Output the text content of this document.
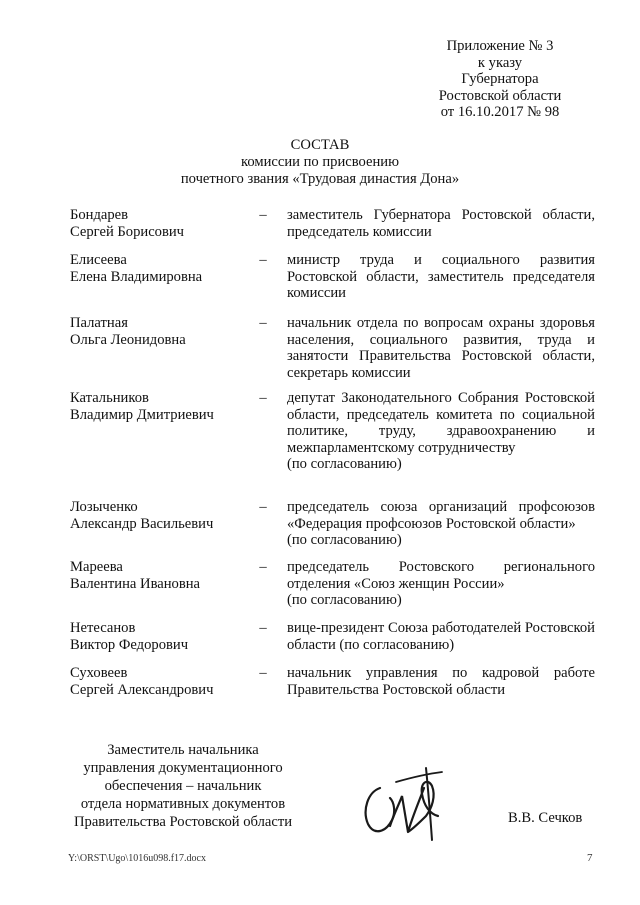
Приложение № 3
к указу
Губернатора
Ростовской области
от 16.10.2017 № 98
СОСТАВ
комиссии по присвоению
почетного звания «Трудовая династия Дона»
Бондарев
Сергей Борисович
– заместитель Губернатора Ростовской области, председатель комиссии
Елисеева
Елена Владимировна
– министр труда и социального развития Ростовской области, заместитель председателя комиссии
Палатная
Ольга Леонидовна
– начальник отдела по вопросам охраны здоровья населения, социального развития, труда и занятости Правительства Ростовской области, секретарь комиссии
Катальников
Владимир Дмитриевич
– депутат Законодательного Собрания Ростовской области, председатель комитета по социальной политике, труду, здравоохранению и межпарламентскому сотрудничеству
(по согласованию)
Лозыченко
Александр Васильевич
– председатель союза организаций профсоюзов «Федерация профсоюзов Ростовской области»
(по согласованию)
Мареева
Валентина Ивановна
– председатель Ростовского регионального отделения «Союз женщин России»
(по согласованию)
Нетесанов
Виктор Федорович
– вице-президент Союза работодателей Ростовской области (по согласованию)
Суховеев
Сергей Александрович
– начальник управления по кадровой работе Правительства Ростовской области
Заместитель начальника
управления документационного
обеспечения – начальник
отдела нормативных документов
Правительства Ростовской области	В.В. Сечков
Y:\ORST\Ugo\1016u098.f17.docx	7
